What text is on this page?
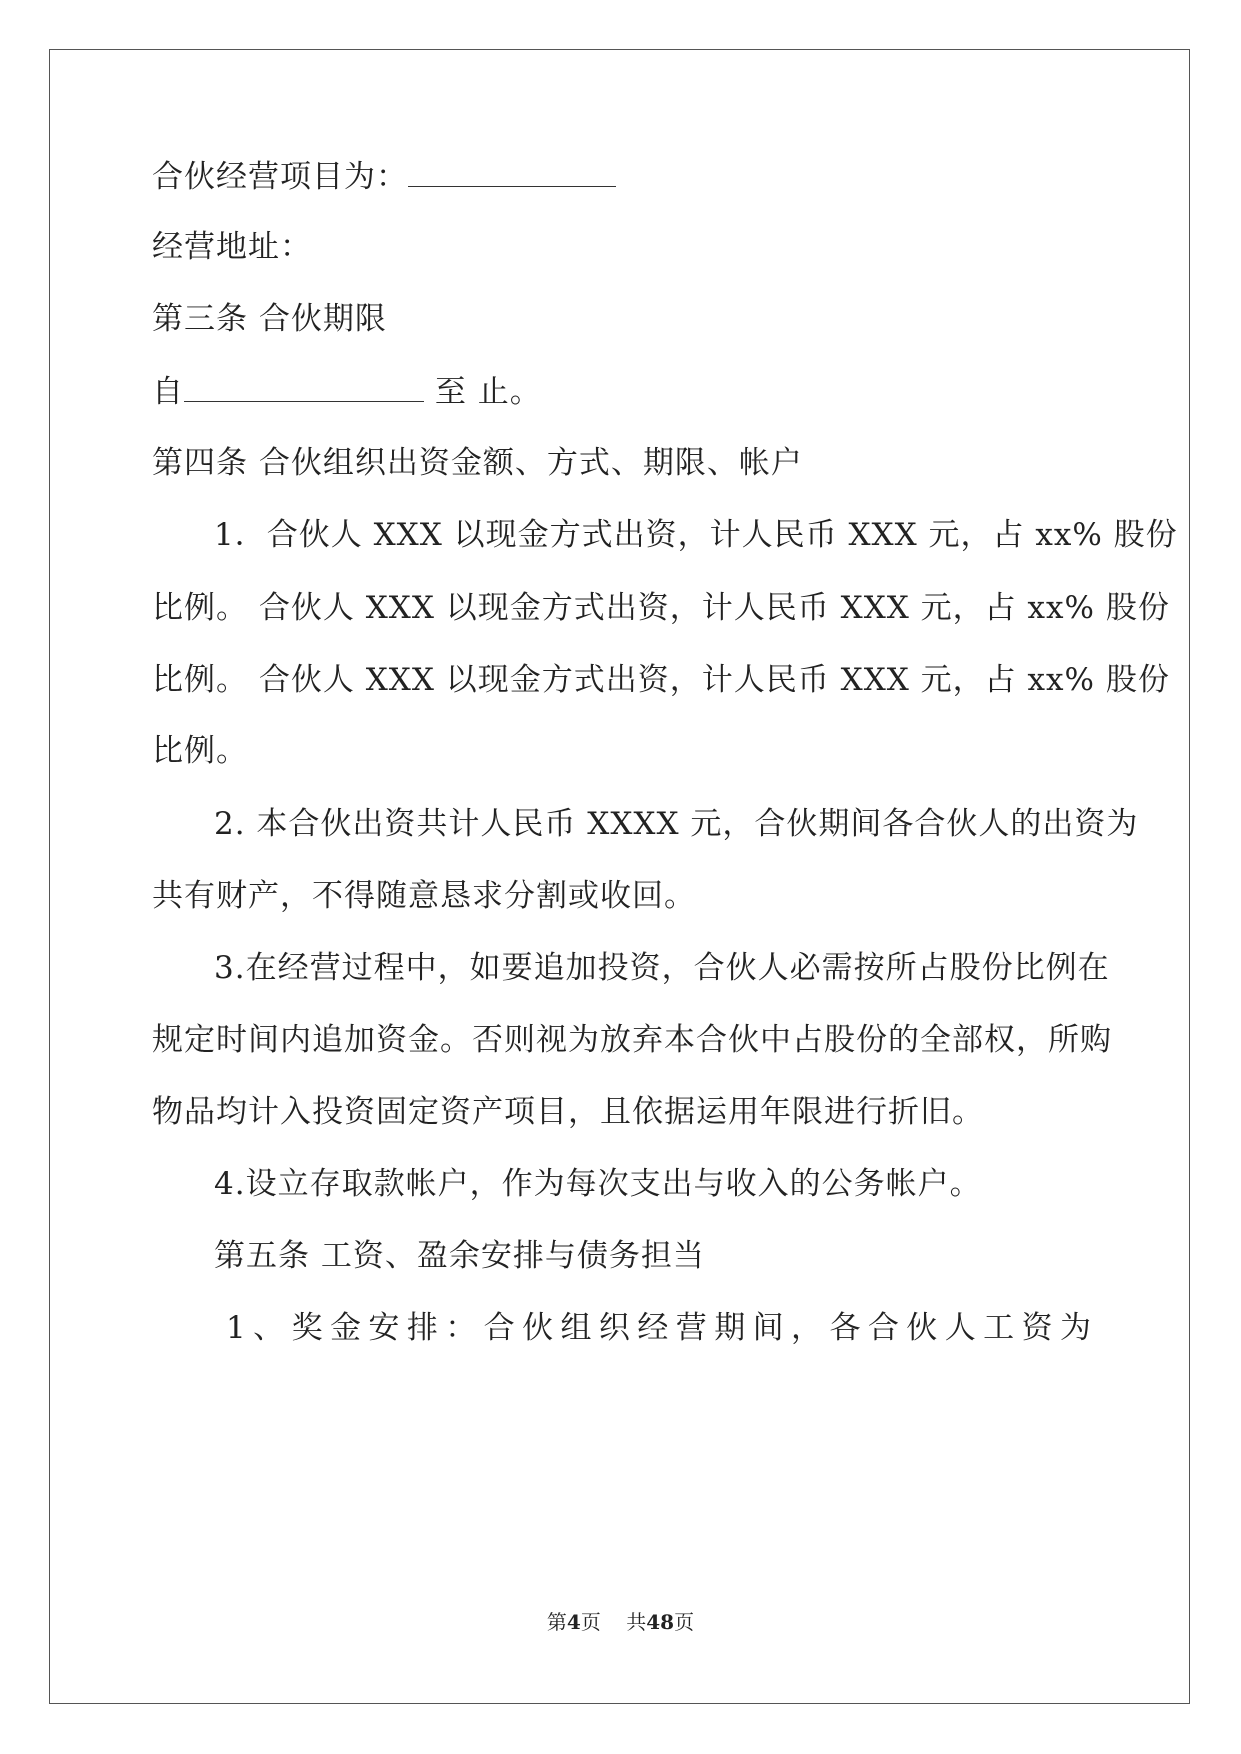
合伙经营项目为：
经营地址：
第三条 合伙期限
自	至 止。
第四条 合伙组织出资金额、方式、期限、帐户
1．合伙人 XXX 以现金方式出资，计人民币 XXX 元，占 xx% 股份
比例。 合伙人 XXX 以现金方式出资，计人民币 XXX 元，占 xx% 股份
比例。 合伙人 XXX 以现金方式出资，计人民币 XXX 元，占 xx% 股份
比例。
2. 本合伙出资共计人民币 XXXX 元，合伙期间各合伙人的出资为
共有财产，不得随意恳求分割或收回。
3.在经营过程中，如要追加投资，合伙人必需按所占股份比例在
规定时间内追加资金。否则视为放弃本合伙中占股份的全部权，所购
物品均计入投资固定资产项目，且依据运用年限进行折旧。
4.设立存取款帐户，作为每次支出与收入的公务帐户。
第五条 工资、盈余安排与债务担当
1、奖金安排：合伙组织经营期间，各合伙人工资为
第4页    共48页
